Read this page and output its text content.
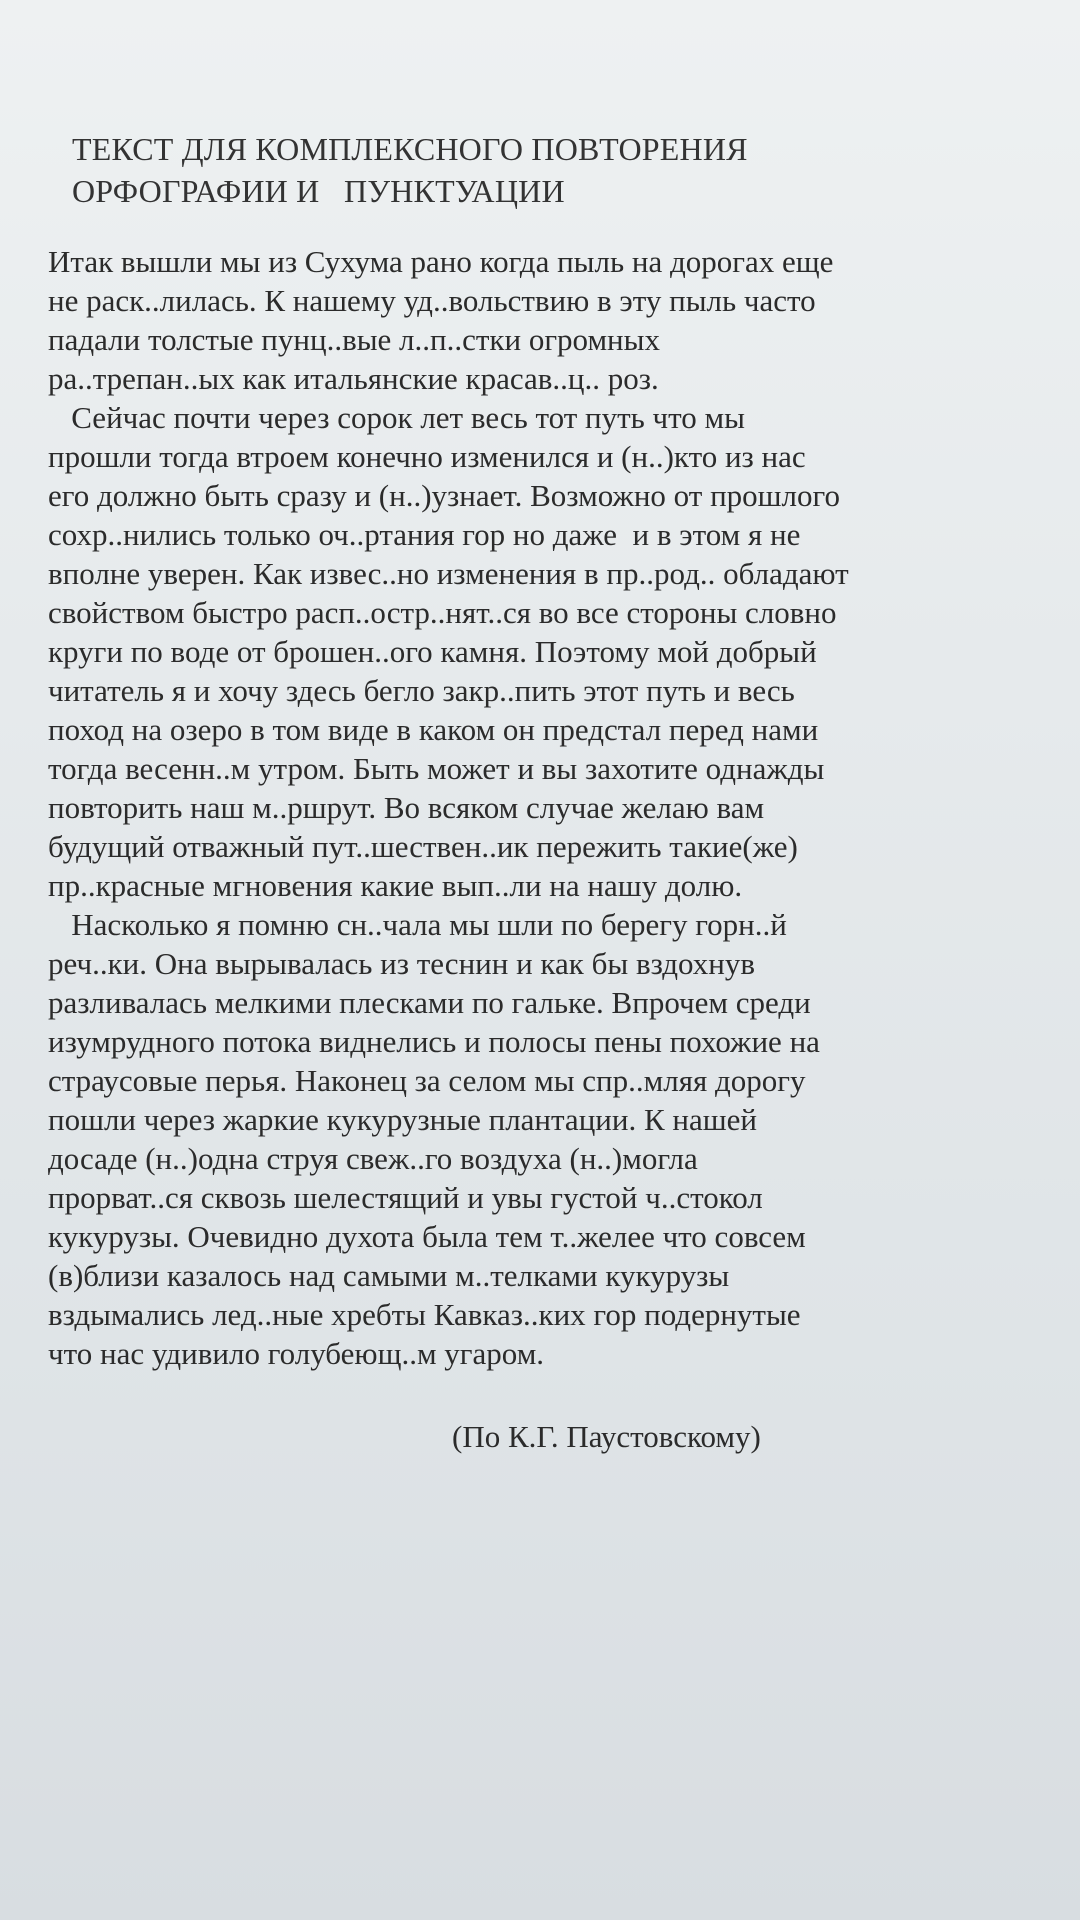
ТЕКСТ ДЛЯ КОМПЛЕКСНОГО ПОВТОРЕНИЯ
ОРФОГРАФИИ И   ПУНКТУАЦИИ
Итак вышли мы из Сухума рано когда пыль на дорогах еще
не раск..лилась. К нашему уд..вольствию в эту пыль часто
падали толстые пунц..вые л..п..стки огромных
ра..трепан..ых как итальянские красав..ц.. роз.
Сейчас почти через сорок лет весь тот путь что мы
прошли тогда втроем конечно изменился и (н..)кто из нас
его должно быть сразу и (н..)узнает. Возможно от прошлого
сохр..нились только оч..ртания гор но даже  и в этом я не
вполне уверен. Как извес..но изменения в пр..род.. обладают
свойством быстро расп..остр..нят..ся во все стороны словно
круги по воде от брошен..ого камня. Поэтому мой добрый
читатель я и хочу здесь бегло закр..пить этот путь и весь
поход на озеро в том виде в каком он предстал перед нами
тогда весенн..м утром. Быть может и вы захотите однажды
повторить наш м..ршрут. Во всяком случае желаю вам
будущий отважный пут..шествен..ик пережить такие(же)
пр..красные мгновения какие вып..ли на нашу долю.
Насколько я помню сн..чала мы шли по берегу горн..й
реч..ки. Она вырывалась из теснин и как бы вздохнув
разливалась мелкими плесками по гальке. Впрочем среди
изумрудного потока виднелись и полосы пены похожие на
страусовые перья. Наконец за селом мы спр..мляя дорогу
пошли через жаркие кукурузные плантации. К нашей
досаде (н..)одна струя свеж..го воздуха (н..)могла
прорват..ся сквозь шелестящий и увы густой ч..стокол
кукурузы. Очевидно духота была тем т..желее что совсем
(в)близи казалось над самыми м..телками кукурузы
вздымались лед..ные хребты Кавказ..ких гор подернутые
что нас удивило голубеющ..м угаром.
(По К.Г. Паустовскому)
